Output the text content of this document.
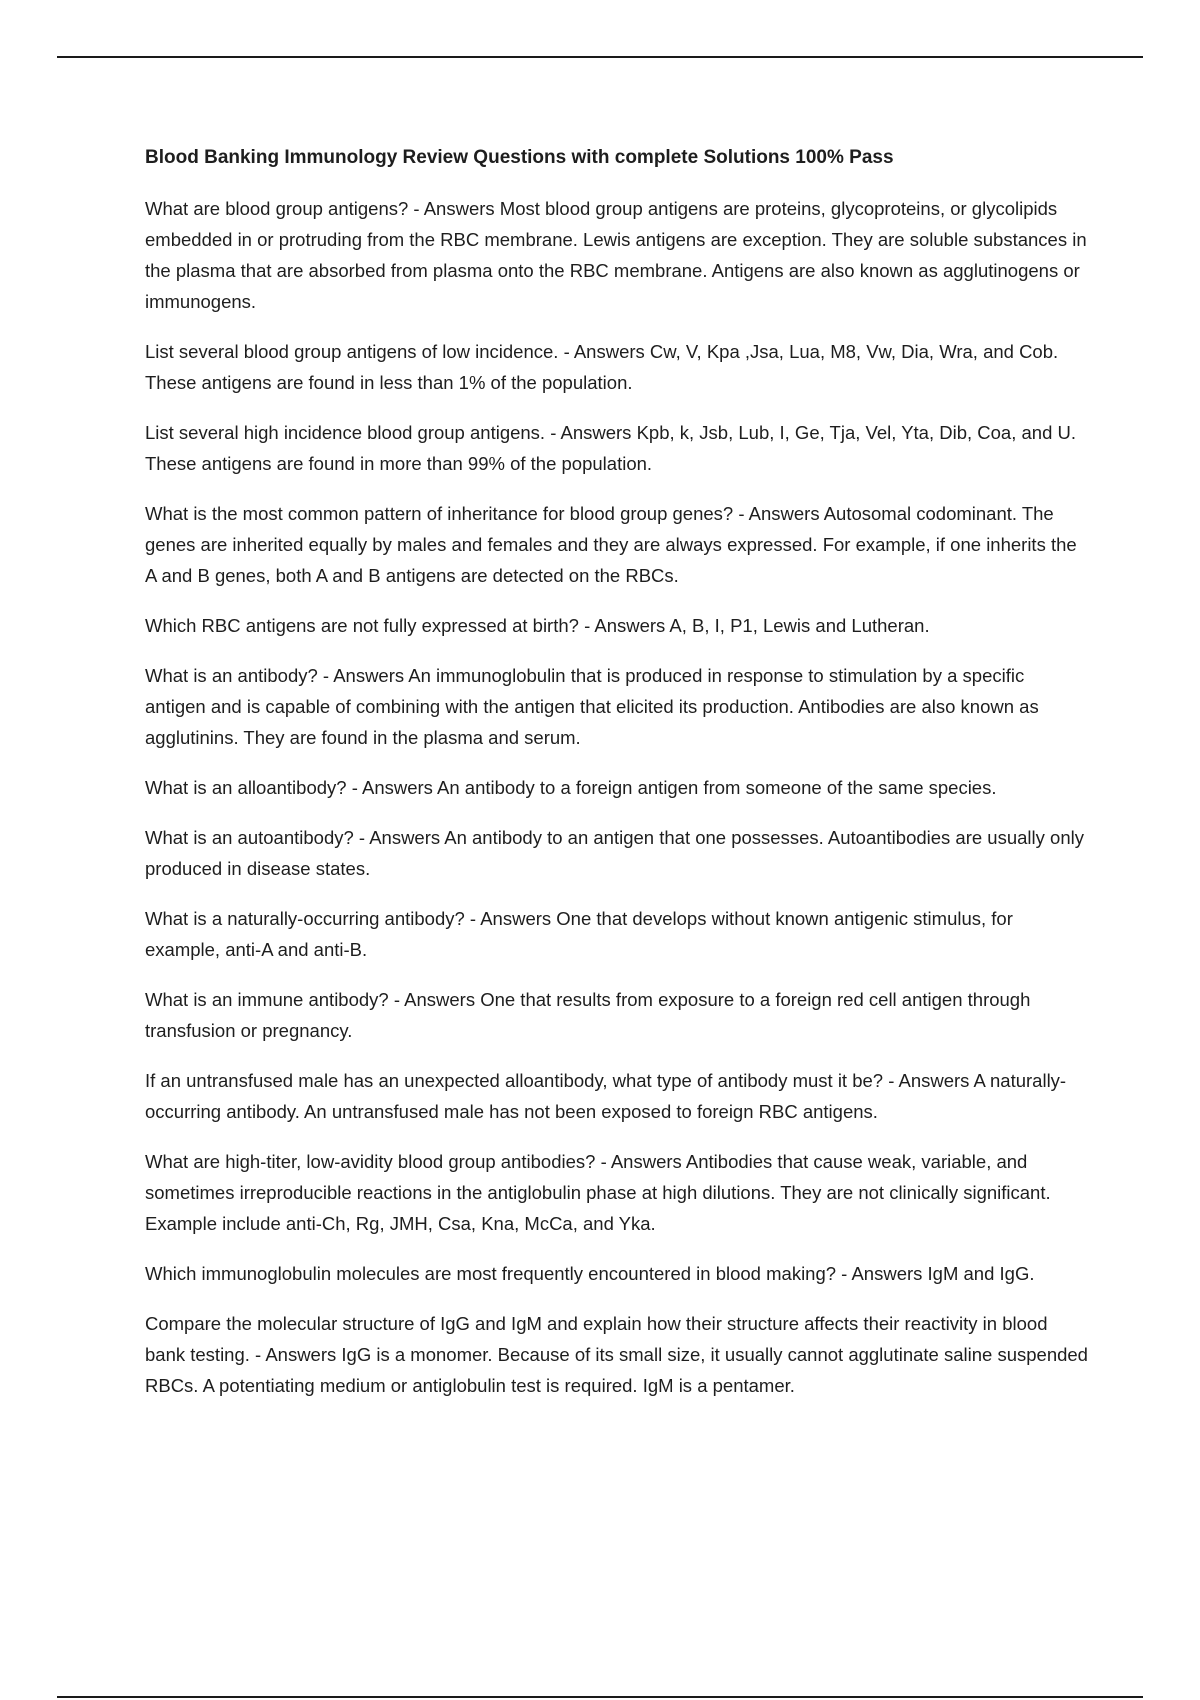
Blood Banking Immunology Review Questions with complete Solutions 100% Pass

What are blood group antigens? - Answers Most blood group antigens are proteins, glycoproteins, or glycolipids embedded in or protruding from the RBC membrane. Lewis antigens are exception. They are soluble substances in the plasma that are absorbed from plasma onto the RBC membrane. Antigens are also known as agglutinogens or immunogens.

List several blood group antigens of low incidence. - Answers Cw, V, Kpa ,Jsa, Lua, M8, Vw, Dia, Wra, and Cob. These antigens are found in less than 1% of the population.

List several high incidence blood group antigens. - Answers Kpb, k, Jsb, Lub, I, Ge, Tja, Vel, Yta, Dib, Coa, and U. These antigens are found in more than 99% of the population.

What is the most common pattern of inheritance for blood group genes? - Answers Autosomal codominant. The genes are inherited equally by males and females and they are always expressed. For example, if one inherits the A and B genes, both A and B antigens are detected on the RBCs.

Which RBC antigens are not fully expressed at birth? - Answers A, B, I, P1, Lewis and Lutheran.

What is an antibody? - Answers An immunoglobulin that is produced in response to stimulation by a specific antigen and is capable of combining with the antigen that elicited its production. Antibodies are also known as agglutinins. They are found in the plasma and serum.

What is an alloantibody? - Answers An antibody to a foreign antigen from someone of the same species.

What is an autoantibody? - Answers An antibody to an antigen that one possesses. Autoantibodies are usually only produced in disease states.

What is a naturally-occurring antibody? - Answers One that develops without known antigenic stimulus, for example, anti-A and anti-B.

What is an immune antibody? - Answers One that results from exposure to a foreign red cell antigen through transfusion or pregnancy.

If an untransfused male has an unexpected alloantibody, what type of antibody must it be? - Answers A naturally-occurring antibody. An untransfused male has not been exposed to foreign RBC antigens.

What are high-titer, low-avidity blood group antibodies? - Answers Antibodies that cause weak, variable, and sometimes irreproducible reactions in the antiglobulin phase at high dilutions. They are not clinically significant. Example include anti-Ch, Rg, JMH, Csa, Kna, McCa, and Yka.

Which immunoglobulin molecules are most frequently encountered in blood making? - Answers IgM and IgG.

Compare the molecular structure of IgG and IgM and explain how their structure affects their reactivity in blood bank testing. - Answers IgG is a monomer. Because of its small size, it usually cannot agglutinate saline suspended RBCs. A potentiating medium or antiglobulin test is required. IgM is a pentamer.
